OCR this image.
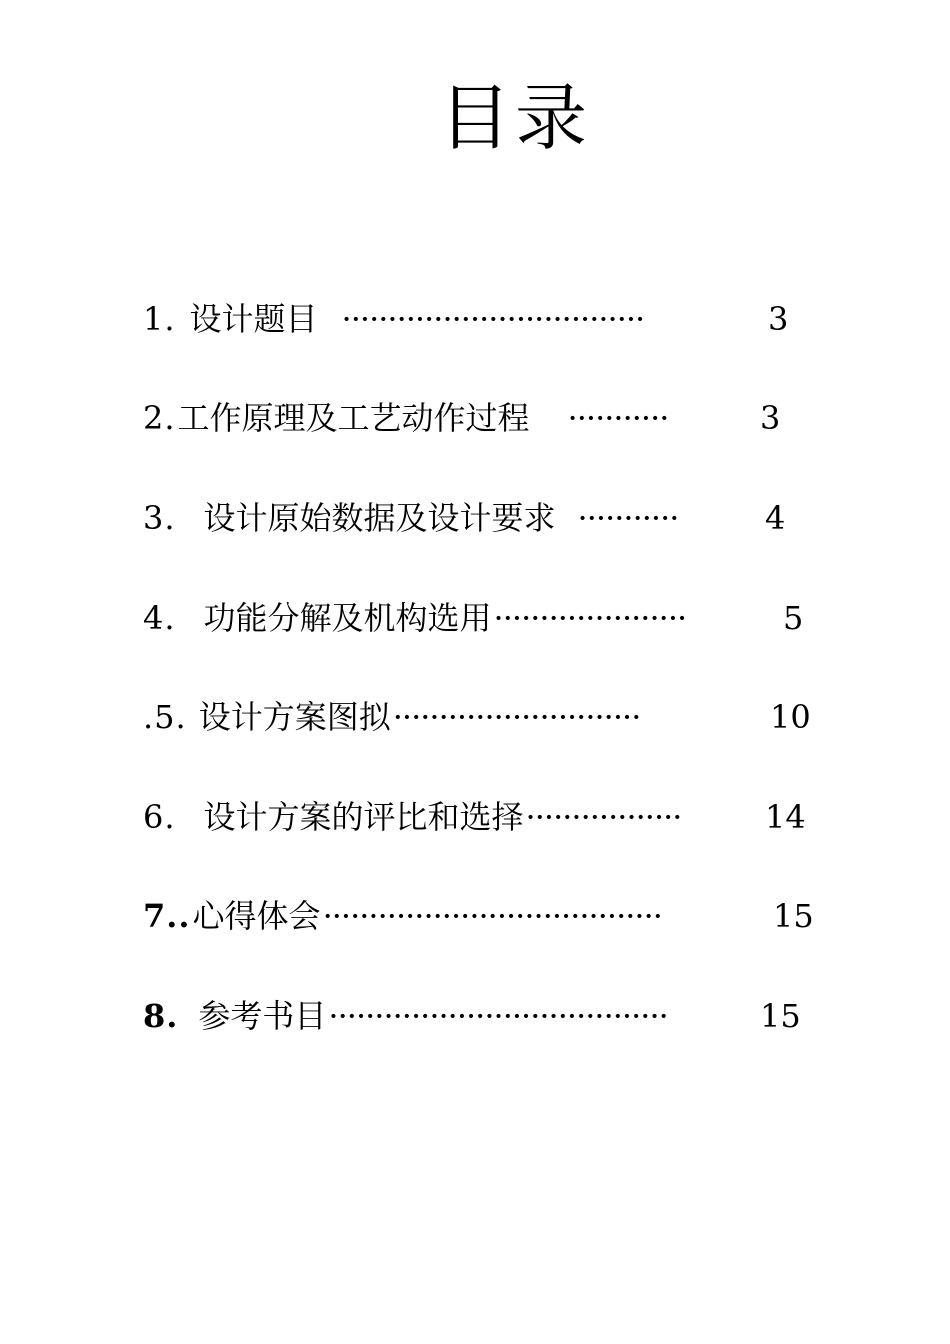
目录
1. 设计题目 ·································	3
2.工作原理及工艺动作过程 ···········	3
3. 设计原始数据及设计要求 ···········	4
4. 功能分解及机构选用·····················	5
.5. 设计方案图拟···························	10
6. 设计方案的评比和选择·················	14
7..心得体会·····································	15
8. 参考书目·····································	15
